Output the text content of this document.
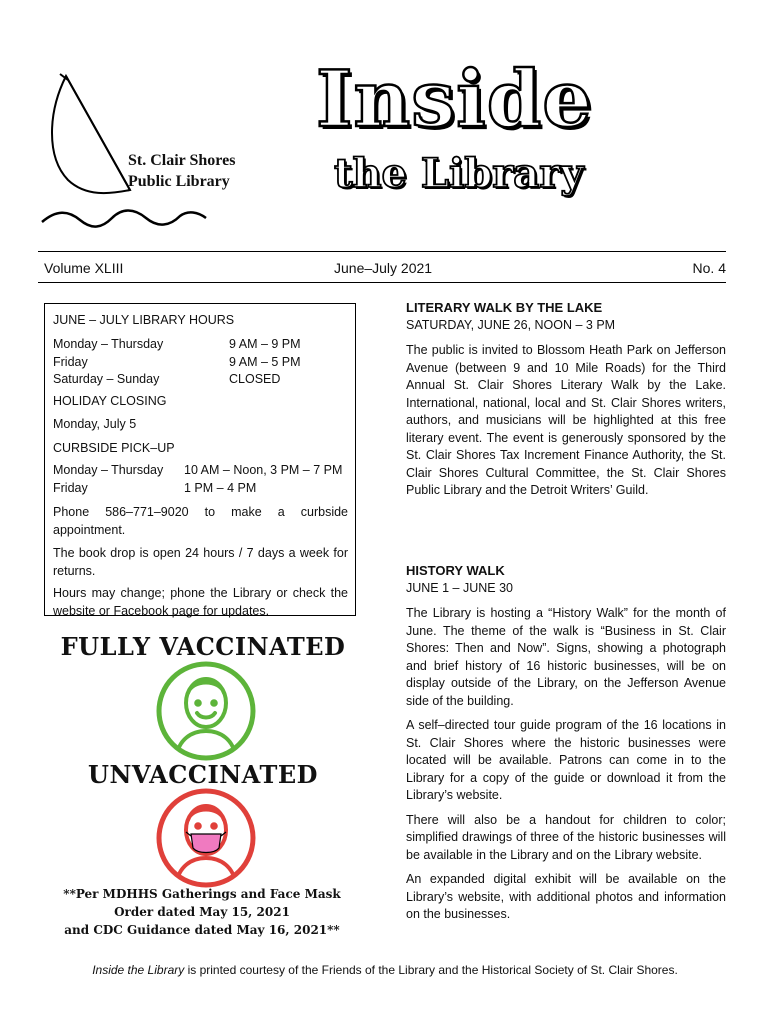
St. Clair Shores
Public Library
Inside
the Library
Volume XLIII	June–July 2021	No. 4
JUNE – JULY LIBRARY HOURS
Monday – Thursday	9 AM – 9 PM
Friday	9 AM – 5 PM
Saturday – Sunday	CLOSED
HOLIDAY CLOSING
Monday, July 5
CURBSIDE PICK–UP
Monday – Thursday	10 AM – Noon, 3 PM – 7 PM
Friday	1 PM – 4 PM
Phone 586–771–9020 to make a curbside appointment.
The book drop is open 24 hours / 7 days a week for returns.
Hours may change; phone the Library or check the website or Facebook page for updates.
FULLY VACCINATED
UNVACCINATED
**Per MDHHS Gatherings and Face Mask
Order dated May 15, 2021
and CDC Guidance dated May 16, 2021**
LITERARY WALK BY THE LAKE
SATURDAY, JUNE 26, NOON – 3 PM

The public is invited to Blossom Heath Park on Jefferson Avenue (between 9 and 10 Mile Roads) for the Third Annual St. Clair Shores Literary Walk by the Lake. International, national, local and St. Clair Shores writers, authors, and musicians will be highlighted at this free literary event. The event is generously sponsored by the St. Clair Shores Tax Increment Finance Authority, the St. Clair Shores Cultural Committee, the St. Clair Shores Public Library and the Detroit Writers’ Guild.

HISTORY WALK
JUNE 1 – JUNE 30

The Library is hosting a “History Walk” for the month of June. The theme of the walk is “Business in St. Clair Shores: Then and Now”. Signs, showing a photograph and brief history of 16 historic businesses, will be on display outside of the Library, on the Jefferson Avenue side of the building.

A self–directed tour guide program of the 16 locations in St. Clair Shores where the historic businesses were located will be available. Patrons can come in to the Library for a copy of the guide or download it from the Library’s website.

There will also be a handout for children to color; simplified drawings of three of the historic businesses will be available in the Library and on the Library website.

An expanded digital exhibit will be available on the Library’s website, with additional photos and information on the businesses.

Inside the Library is printed courtesy of the Friends of the Library and the Historical Society of St. Clair Shores.
